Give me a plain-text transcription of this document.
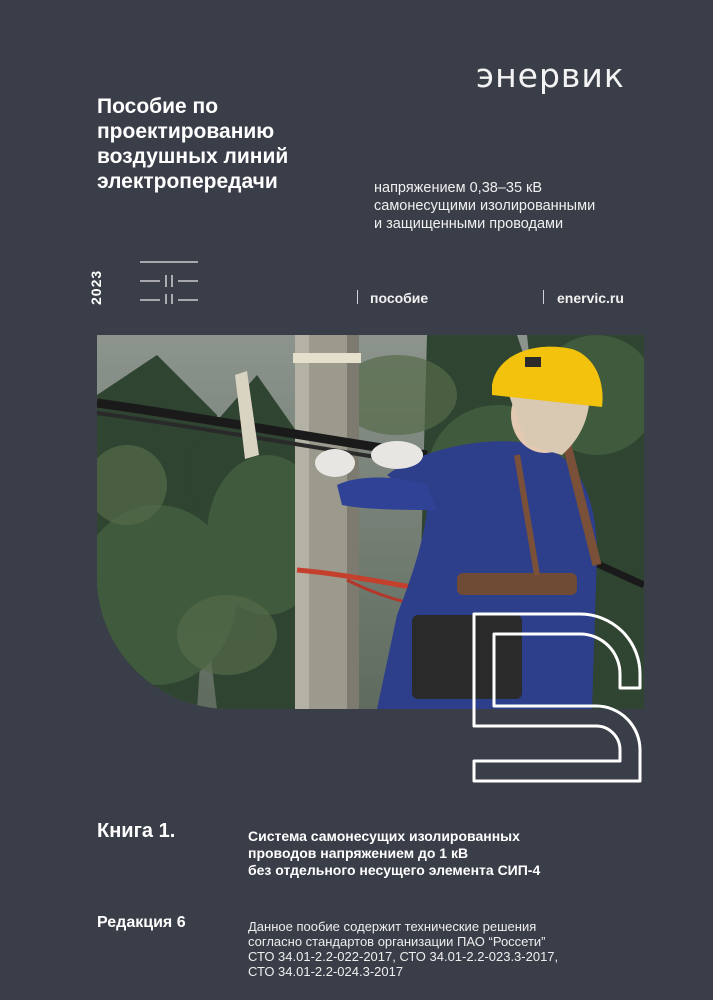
энервик
Пособие по
проектированию
воздушных линий
электропередачи	напряжением 0,38–35 кВ
самонесущими изолированными
и защищенными проводами
2023	пособие	enervic.ru
Книга 1.	Система самонесущих изолированных
проводов напряжением до 1 кВ
без отдельного несущего элемента СИП-4
Редакция 6	Данное пообие содержит технические решения
согласно стандартов организации ПАО “Россети”
СТО 34.01-2.2-022-2017, СТО 34.01-2.2-023.3-2017,
СТО 34.01-2.2-024.3-2017
